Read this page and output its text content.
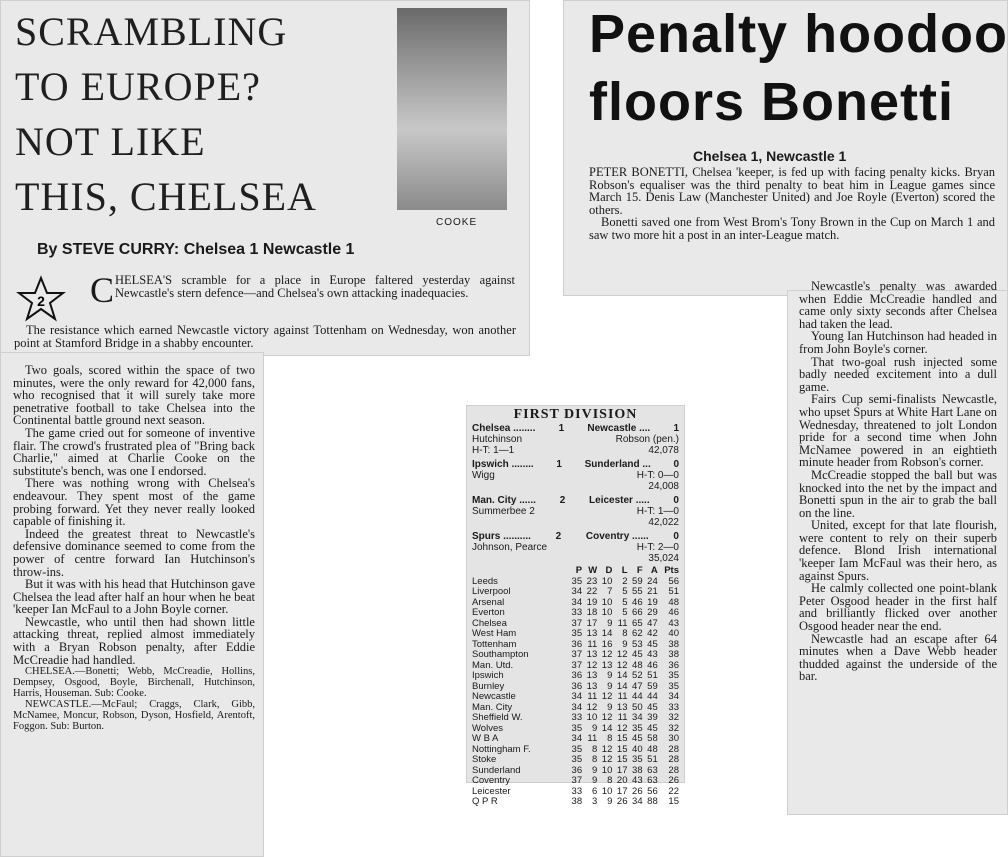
SCRAMBLING
TO EUROPE?
NOT LIKE
THIS, CHELSEA
COOKE
By STEVE CURRY: Chelsea 1 Newcastle 1
2 C HELSEA'S scramble for a place in Europe faltered yesterday against Newcastle's stern defence—and Chelsea's own attacking inadequacies.

The resistance which earned Newcastle victory against Tottenham on Wednesday, won another point at Stamford Bridge in a shabby encounter.

Two goals, scored within the space of two minutes, were the only reward for 42,000 fans, who recognised that it will surely take more penetrative football to take Chelsea into the Continental battle ground next season.

The game cried out for someone of inventive flair. The crowd's frustrated plea of "Bring back Charlie," aimed at Charlie Cooke on the substitute's bench, was one I endorsed.

There was nothing wrong with Chelsea's endeavour. They spent most of the game probing forward. Yet they never really looked capable of finishing it.

Indeed the greatest threat to Newcastle's defensive dominance seemed to come from the power of centre forward Ian Hutchinson's throw-ins.

But it was with his head that Hutchinson gave Chelsea the lead after half an hour when he beat 'keeper Ian McFaul to a John Boyle corner.

Newcastle, who until then had shown little attacking threat, replied almost immediately with a Bryan Robson penalty, after Eddie McCreadie had handled.

CHELSEA.—Bonetti; Webb, McCreadie, Hollins, Dempsey, Osgood, Boyle, Birchenall, Hutchinson, Harris, Houseman. Sub: Cooke.

NEWCASTLE.—McFaul; Craggs, Clark, Gibb, McNamee, Moncur, Robson, Dyson, Hosfield, Arentoft, Foggon. Sub: Burton.

Penalty hoodoo
floors Bonetti
Chelsea 1, Newcastle 1

PETER BONETTI, Chelsea 'keeper, is fed up with facing penalty kicks. Bryan Robson's equaliser was the third penalty to beat him in League games since March 15. Denis Law (Manchester United) and Joe Royle (Everton) scored the others.

Bonetti saved one from West Brom's Tony Brown in the Cup on March 1 and saw two more hit a post in an inter-League match.

Newcastle's penalty was awarded when Eddie McCreadie handled and came only sixty seconds after Chelsea had taken the lead.

Young Ian Hutchinson had headed in from John Boyle's corner.

That two-goal rush injected some badly needed excitement into a dull game.

Fairs Cup semi-finalists Newcastle, who upset Spurs at White Hart Lane on Wednesday, threatened to jolt London pride for a second time when John McNamee powered in an eightieth minute header from Robson's corner.

McCreadie stopped the ball but was knocked into the net by the impact and Bonetti spun in the air to grab the ball on the line.

United, except for that late flourish, were content to rely on their superb defence. Blond Irish international 'keeper Iam McFaul was their hero, as against Spurs.

He calmly collected one point-blank Peter Osgood header in the first half and brilliantly flicked over another Osgood header near the end.

Newcastle had an escape after 64 minutes when a Dave Webb header thudded against the underside of the bar.

FIRST DIVISION
Chelsea ........ 1 Newcastle .... 1
Hutchinson	Robson (pen.)
H-T: 1—1	42,078
Ipswich ........ 1 Sunderland ... 0
Wigg	H-T: 0—0
24,008
Man. City ...... 2 Leicester ..... 0
Summerbee 2	H-T: 1—0
42,022
Spurs .......... 2 Coventry ...... 0
Johnson, Pearce	H-T: 2—0
35,024
	P	W	D	L	F	A	Pts
Leeds	35	23	10	2	59	24	56
Liverpool	34	22	7	5	55	21	51
Arsenal	34	19	10	5	46	19	48
Everton	33	18	10	5	66	29	46
Chelsea	37	17	9	11	65	47	43
West Ham	35	13	14	8	62	42	40
Tottenham	36	11	16	9	53	45	38
Southampton	37	13	12	12	45	43	38
Man. Utd.	37	12	13	12	48	46	36
Ipswich	36	13	9	14	52	51	35
Burnley	36	13	9	14	47	59	35
Newcastle	34	11	12	11	44	44	34
Man. City	34	12	9	13	50	45	33
Sheffield W.	33	10	12	11	34	39	32
Wolves	35	9	14	12	35	45	32
W B A	34	11	8	15	45	58	30
Nottingham F.	35	8	12	15	40	48	28
Stoke	35	8	12	15	35	51	28
Sunderland	36	9	10	17	38	63	28
Coventry	37	9	8	20	43	63	26
Leicester	33	6	10	17	26	56	22
Q P R	38	3	9	26	34	88	15
